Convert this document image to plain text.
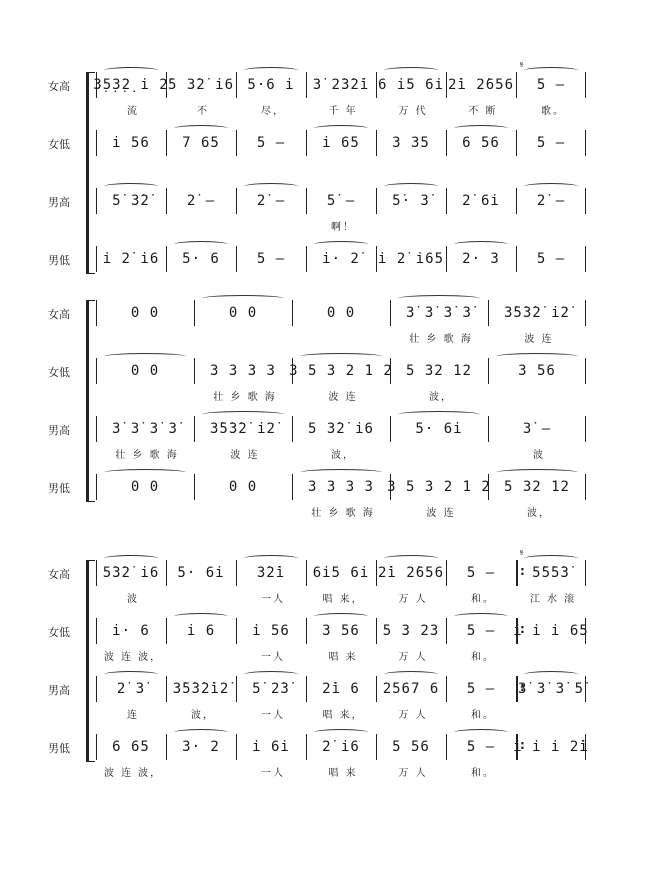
女高	3̣5̣3̣2̣ i 2̇
流
5 3̇2̇ i6
不
5·6 i
尽，
3̇ 2̇3̇2̇i
千 年
6 i5 6i
万 代
2̇i 2̇656
不 断
5 —
歌。
女低	i 56	7 65	5 —	i 65	3 35	6 56	5 —
男高	5̇ 3̇2̇	2̇ —	2̇ —	5̇ —
啊！
5̇· 3̇	2̇ 6i	2̇ —
男低	i 2̇ i6	5· 6	5 —	i· 2̇	i 2̇ i65	2· 3	5 —
𝄋
女高	0 0	0 0	0 0	3̇ 3̇ 3̇ 3̇
壮 乡 歌 海
3̇5̇3̇2̇ i2̇
波 连
女低	0 0	3 3 3 3
壮 乡 歌 海
3 5 3 2 1 2
波 连
5 32 12
波，
3 56
男高	3̇ 3̇ 3̇ 3̇
壮 乡 歌 海
3̇5̇3̇2̇ i2̇
波 连
5 3̇2̇ i6
波，
5· 6i	3̇ —
波
男低	0 0	0 0	3 3 3 3
壮 乡 歌 海
3 5 3 2 1 2
波 连
5 32 12
波，
女高	5̇3̇2̇ i6
波
5· 6i	3̇2̇i
一人
6i5 6i
唱 来，
2̇i 2̇656
万 人
5 —
和。
5̇5̇5̇3̇
江 水 滚
:
女低	i· 6
波 连 波，
i 6	i 56
一人
3 56
唱 来
5 3 23
万 人
5 —
和。
i i i 65
:
男高	2̇ 3̇
连
3̇5̇3̇2̇i2̇
波，
5̇ 2̇3̇
一人
2̇i 6
唱 来，
2567 6
万 人
5 —
和。
3̇ 3̇ 3̇ 5̇
:
男低	6 65
波 连 波，
3· 2	i 6i
一人
2̇ i6
唱 来
5 56
万 人
5 —
和。
i i i 2̇i
:
𝄋
